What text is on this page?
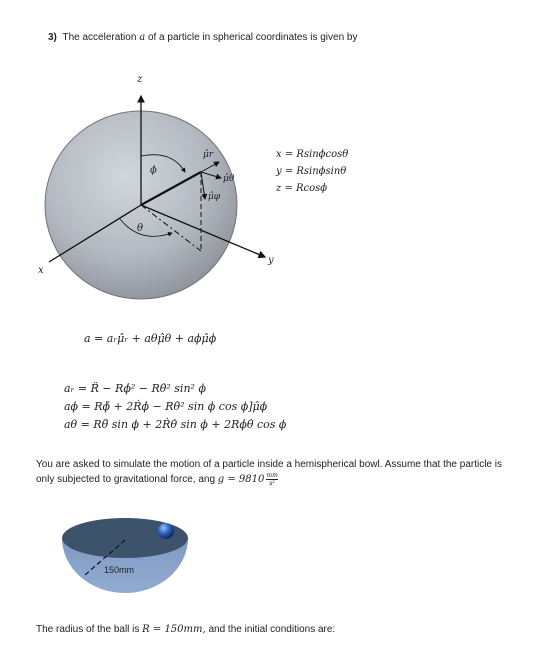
3) The acceleration a of a particle in spherical coordinates is given by
z
y
x
ϕ
θ
μ̂r
μ̂θ
μ̂φ
x = Rsinϕcosθ
y = Rsinϕsinθ
z = Rcosϕ
a = aᵣμ̂ᵣ + aθμ̂θ + aϕμ̂ϕ
aᵣ = R̈ − Rϕ̇² − Rθ̇² sin² ϕ
aϕ = Rϕ̈ + 2Ṙϕ̇ − Rθ̇² sin ϕ cos ϕ]μ̂ϕ
aθ = Rθ̈ sin ϕ + 2Ṙθ̇ sin ϕ + 2Rϕ̇θ̇ cos ϕ
You are asked to simulate the motion of a particle inside a hemispherical bowl. Assume that the particle is only subjected to gravitational force, ang $g = 9810 \frac{mm}{\text{s²}}$
150mm
The radius of the ball is R = 150mm, and the initial conditions are:
